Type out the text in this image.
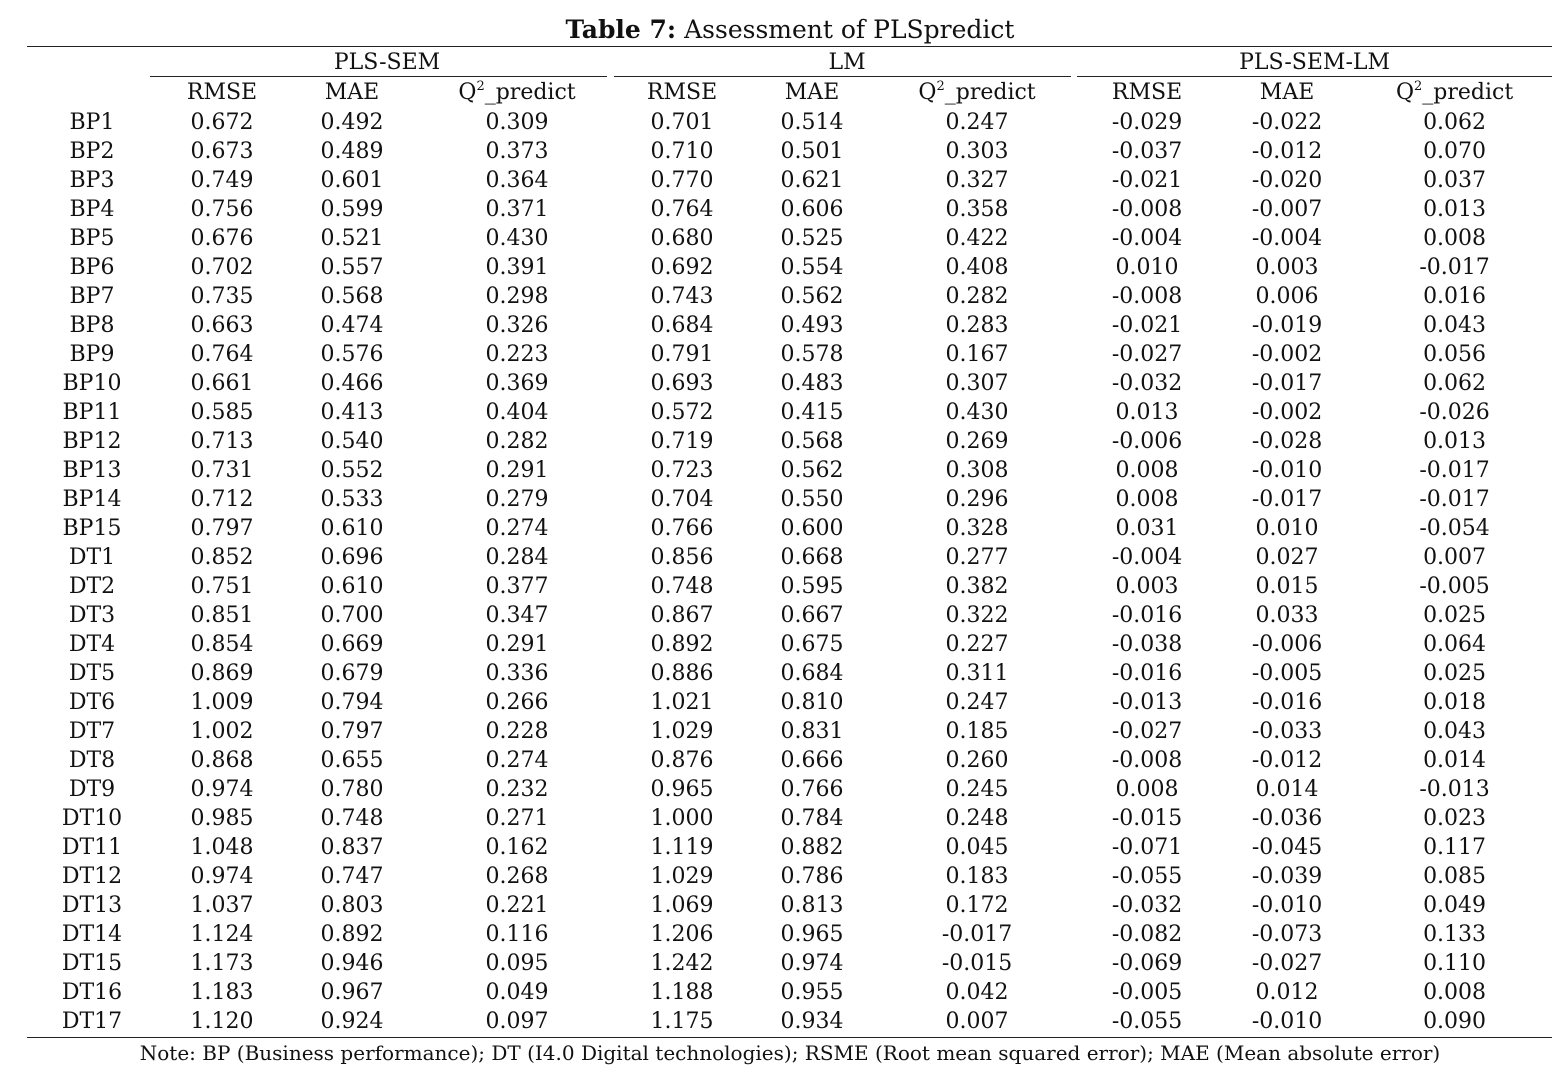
Table 7: Assessment of PLSpredict
	PLS-SEM			LM			PLS-SEM-LM		
	RMSE	MAE	$Q^2\_predict$	RMSE	MAE	$Q^2\_predict$	RMSE	MAE	$Q^2\_predict$
BP1	0.672	0.492	0.309	0.701	0.514	0.247	-0.029	-0.022	0.062
BP2	0.673	0.489	0.373	0.710	0.501	0.303	-0.037	-0.012	0.070
BP3	0.749	0.601	0.364	0.770	0.621	0.327	-0.021	-0.020	0.037
BP4	0.756	0.599	0.371	0.764	0.606	0.358	-0.008	-0.007	0.013
BP5	0.676	0.521	0.430	0.680	0.525	0.422	-0.004	-0.004	0.008
BP6	0.702	0.557	0.391	0.692	0.554	0.408	0.010	0.003	-0.017
BP7	0.735	0.568	0.298	0.743	0.562	0.282	-0.008	0.006	0.016
BP8	0.663	0.474	0.326	0.684	0.493	0.283	-0.021	-0.019	0.043
BP9	0.764	0.576	0.223	0.791	0.578	0.167	-0.027	-0.002	0.056
BP10	0.661	0.466	0.369	0.693	0.483	0.307	-0.032	-0.017	0.062
BP11	0.585	0.413	0.404	0.572	0.415	0.430	0.013	-0.002	-0.026
BP12	0.713	0.540	0.282	0.719	0.568	0.269	-0.006	-0.028	0.013
BP13	0.731	0.552	0.291	0.723	0.562	0.308	0.008	-0.010	-0.017
BP14	0.712	0.533	0.279	0.704	0.550	0.296	0.008	-0.017	-0.017
BP15	0.797	0.610	0.274	0.766	0.600	0.328	0.031	0.010	-0.054
DT1	0.852	0.696	0.284	0.856	0.668	0.277	-0.004	0.027	0.007
DT2	0.751	0.610	0.377	0.748	0.595	0.382	0.003	0.015	-0.005
DT3	0.851	0.700	0.347	0.867	0.667	0.322	-0.016	0.033	0.025
DT4	0.854	0.669	0.291	0.892	0.675	0.227	-0.038	-0.006	0.064
DT5	0.869	0.679	0.336	0.886	0.684	0.311	-0.016	-0.005	0.025
DT6	1.009	0.794	0.266	1.021	0.810	0.247	-0.013	-0.016	0.018
DT7	1.002	0.797	0.228	1.029	0.831	0.185	-0.027	-0.033	0.043
DT8	0.868	0.655	0.274	0.876	0.666	0.260	-0.008	-0.012	0.014
DT9	0.974	0.780	0.232	0.965	0.766	0.245	0.008	0.014	-0.013
DT10	0.985	0.748	0.271	1.000	0.784	0.248	-0.015	-0.036	0.023
DT11	1.048	0.837	0.162	1.119	0.882	0.045	-0.071	-0.045	0.117
DT12	0.974	0.747	0.268	1.029	0.786	0.183	-0.055	-0.039	0.085
DT13	1.037	0.803	0.221	1.069	0.813	0.172	-0.032	-0.010	0.049
DT14	1.124	0.892	0.116	1.206	0.965	-0.017	-0.082	-0.073	0.133
DT15	1.173	0.946	0.095	1.242	0.974	-0.015	-0.069	-0.027	0.110
DT16	1.183	0.967	0.049	1.188	0.955	0.042	-0.005	0.012	0.008
DT17	1.120	0.924	0.097	1.175	0.934	0.007	-0.055	-0.010	0.090
Note: BP (Business performance); DT (I4.0 Digital technologies); RSME (Root mean squared error); MAE (Mean absolute error)
